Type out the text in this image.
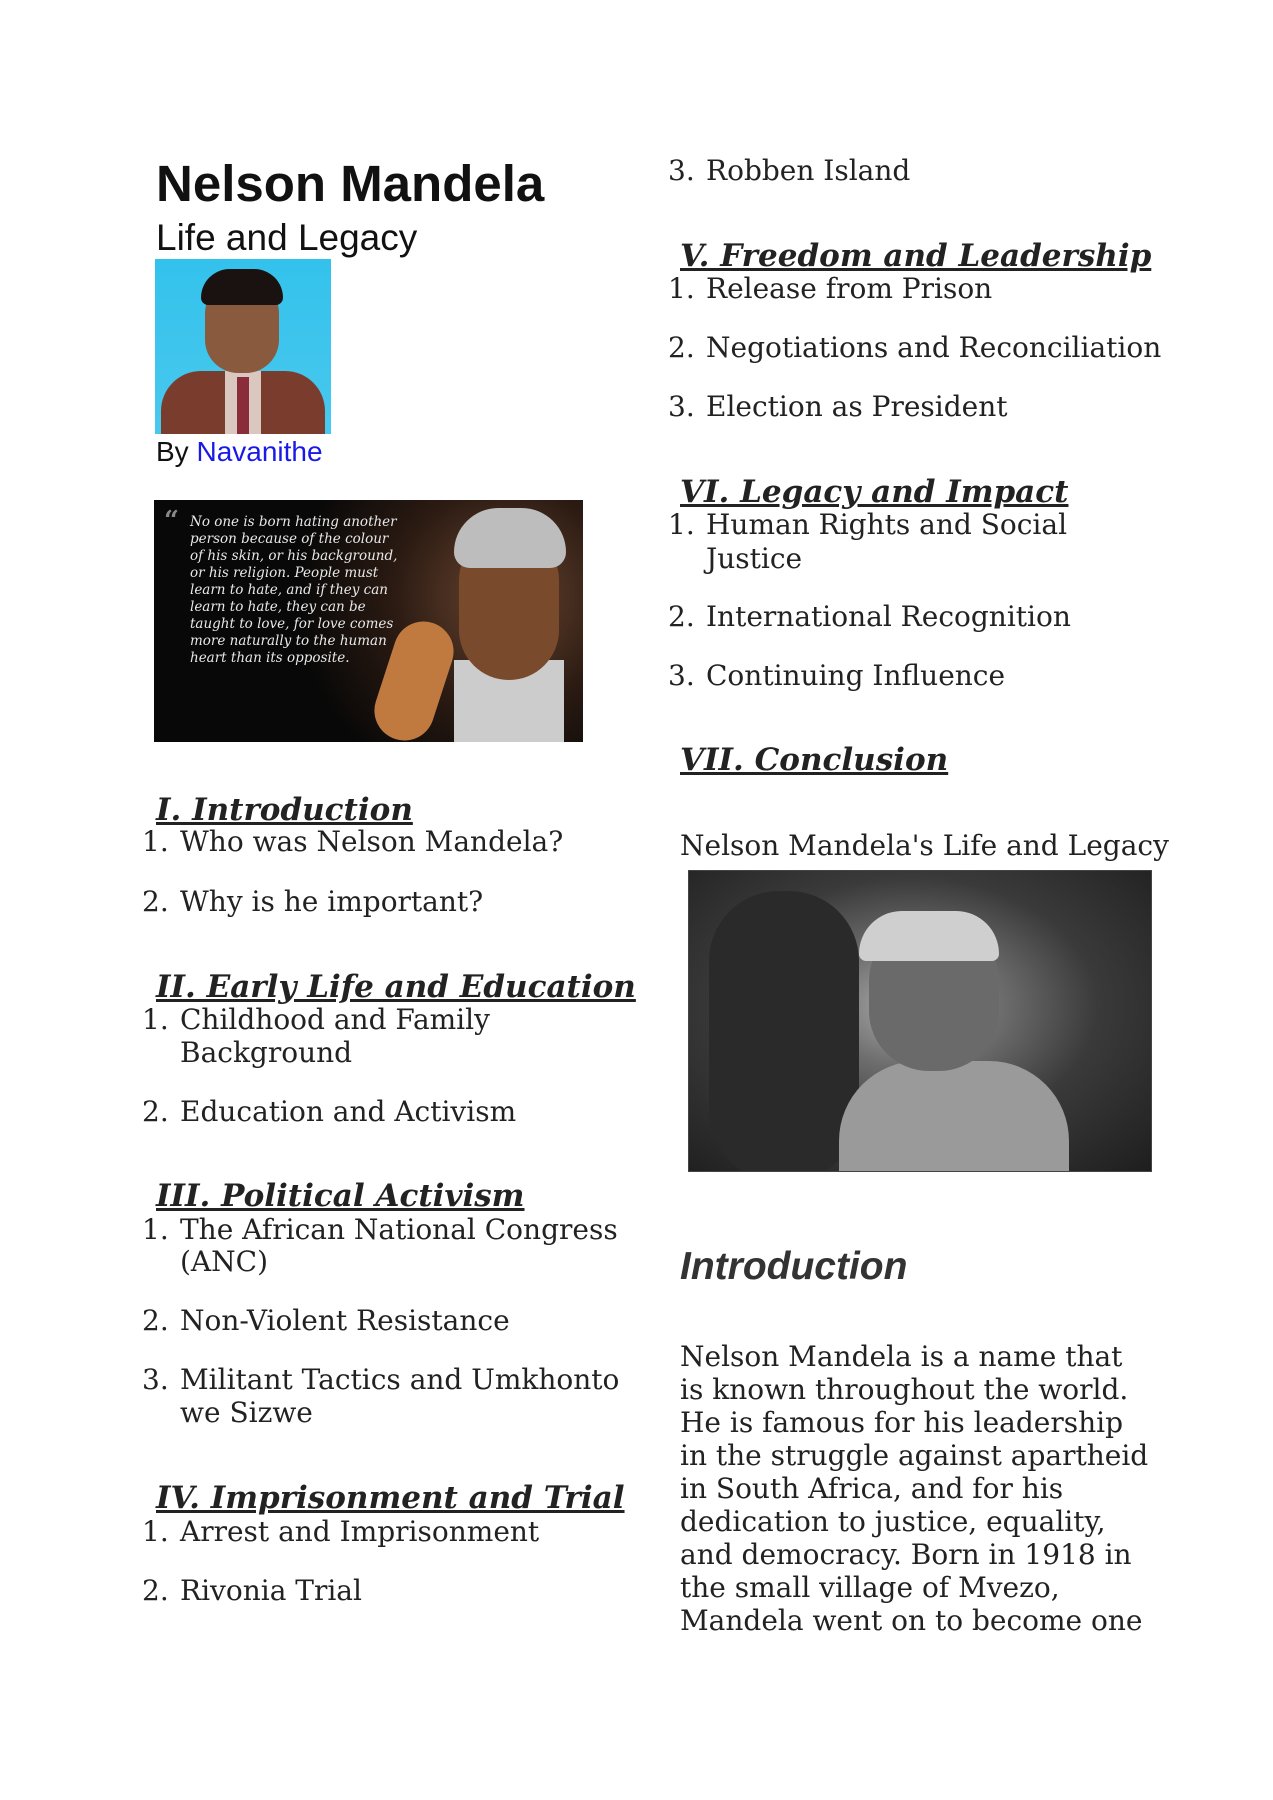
Nelson Mandela
Life and Legacy
By Navanithe
“ No one is born hating another person because of the colour of his skin, or his background, or his religion. People must learn to hate, and if they can learn to hate, they can be taught to love, for love comes more naturally to the human heart than its opposite.
I. Introduction
1. Who was Nelson Mandela?
2. Why is he important?
II. Early Life and Education
1. Childhood and Family
Background
2. Education and Activism
III. Political Activism
1. The African National Congress
(ANC)
2. Non-Violent Resistance
3. Militant Tactics and Umkhonto
we Sizwe
IV. Imprisonment and Trial
1. Arrest and Imprisonment
2. Rivonia Trial
3. Robben Island
V. Freedom and Leadership
1. Release from Prison
2. Negotiations and Reconciliation
3. Election as President
VI. Legacy and Impact
1. Human Rights and Social
Justice
2. International Recognition
3. Continuing Influence
VII. Conclusion
Nelson Mandela's Life and Legacy
Introduction
Nelson Mandela is a name that is known throughout the world. He is famous for his leadership in the struggle against apartheid in South Africa, and for his dedication to justice, equality, and democracy. Born in 1918 in the small village of Mvezo, Mandela went on to become one
